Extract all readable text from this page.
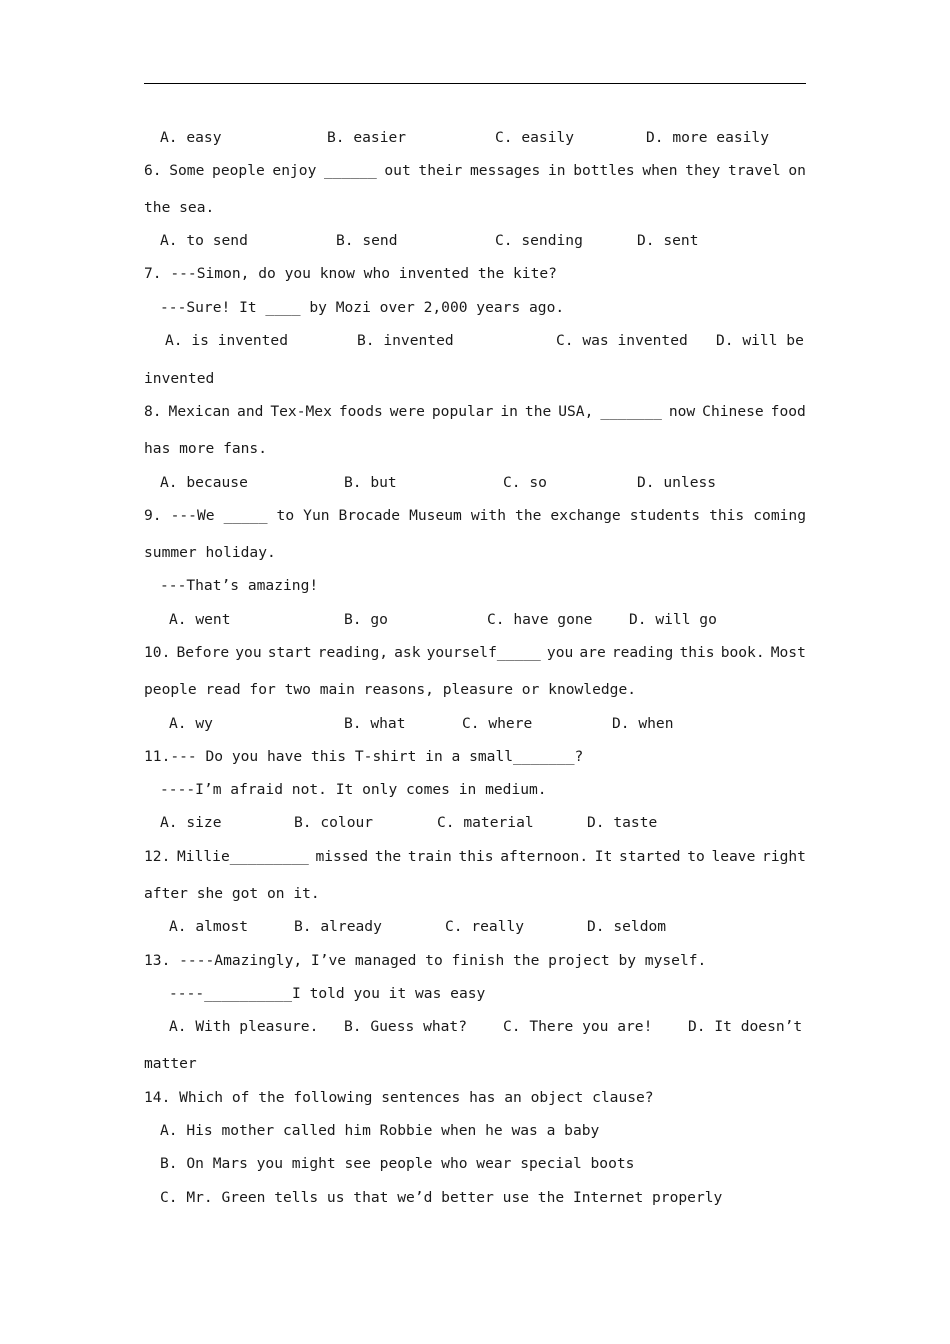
A. easy	B. easier	C. easily	D. more easily
6. Some people enjoy ______ out their messages in bottles when they travel on
the sea.
A. to send	B. send	C. sending	D. sent
7. ---Simon, do you know who invented the kite?
---Sure! It ____ by Mozi over 2,000 years ago.
A. is invented	B. invented	C. was invented D. will be
invented
8. Mexican and Tex-Mex foods were popular in the USA, _______ now Chinese food
has more fans.
A. because	B. but	C. so	D. unless
9. ---We _____ to Yun Brocade Museum with the exchange students this coming
summer holiday.
---That’s amazing!
A. went	B. go	C. have gone	D. will go
10. Before you start reading, ask yourself_____ you are reading this book. Most
people read for two main reasons, pleasure or knowledge.
A. wy	B. what	C. where	D. when
11.--- Do you have this T-shirt in a small_______?
----I’m afraid not. It only comes in medium.
A. size	B. colour	C. material	D. taste
12. Millie_________ missed the train this afternoon. It started to leave right
after she got on it.
A. almost	B. already	C. really	D. seldom
13. ----Amazingly, I’ve managed to finish the project by myself.
----__________I told you it was easy
A. With pleasure. B. Guess what? C. There you are! D. It doesn’t
matter
14. Which of the following sentences has an object clause?
A. His mother called him Robbie when he was a baby
B. On Mars you might see people who wear special boots
C. Mr. Green tells us that we’d better use the Internet properly
